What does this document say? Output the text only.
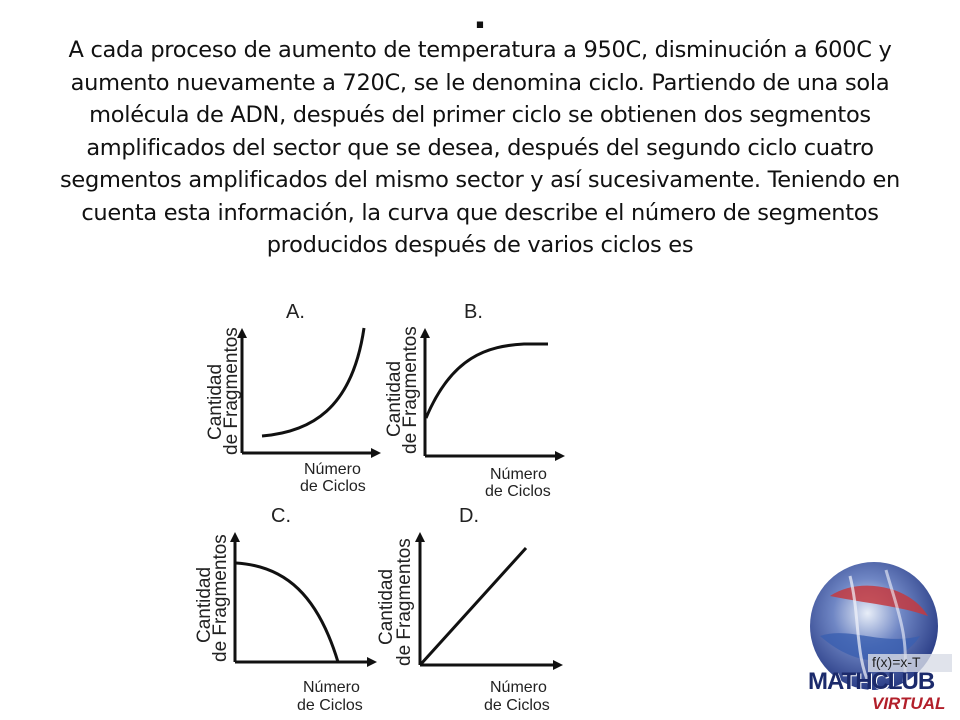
.
A cada proceso de aumento de temperatura a 950C, disminución a 600C y
aumento nuevamente a 720C, se le denomina ciclo. Partiendo de una sola
molécula de ADN, después del primer ciclo se obtienen dos segmentos
amplificados del sector que se desea, después del segundo ciclo cuatro
segmentos amplificados del mismo sector y así sucesivamente. Teniendo en
cuenta esta información, la curva que describe el número de segmentos
producidos después de varios ciclos es
A.
Cantidad
de Fragmentos
Número
de Ciclos
B.
Cantidad
de Fragmentos
Número
de Ciclos
C.
Cantidad
de Fragmentos
Número
de Ciclos
D.
Cantidad
de Fragmentos
Número
de Ciclos
f(x)=x-T
MATHCLUB
VIRTUAL
